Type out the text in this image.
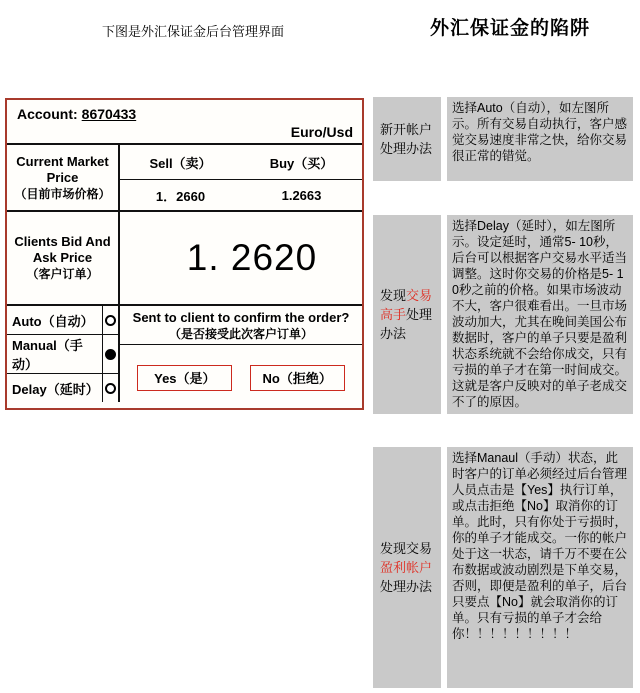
下图是外汇保证金后台管理界面	外汇保证金的陷阱
Account: 8670433
Euro/Usd
Current Market Price
（目前市场价格）
Sell（卖）	Buy（买）
1．2660	1.2663
Clients Bid And Ask Price
（客户订单）	1. 2620
Auto（自动）
Manual（手动）
Delay（延时）
Sent to client to confirm the order?
（是否接受此次客户订单）
Yes（是）	No（拒绝）
新开帐户处理办法
选择Auto（自动），如左图所示。所有交易自动执行，客户感觉交易速度非常之快，给你交易很正常的错觉。
发现交易高手处理办法
选择Delay（延时），如左图所示。设定延时，通常5- 10秒，后台可以根据客户交易水平适当调整。这时你交易的价格是5- 10秒之前的价格。如果市场波动不大，客户很难看出。一旦市场波动加大，尤其在晚间美国公布数据时，客户的单子只要是盈利状态系统就不会给你成交，只有亏损的单子才在第一时间成交。这就是客户反映对的单子老成交不了的原因。
发现交易盈利帐户处理办法
选择Manaul（手动）状态，此时客户的订单必须经过后台管理人员点击是【Yes】执行订单，或点击拒绝【No】取消你的订单。此时，只有你处于亏损时，你的单子才能成交。一你的帐户处于这一状态，请千万不要在公布数据或波动剧烈是下单交易，否则，即便是盈利的单子，后台只要点【No】就会取消你的订单。只有亏损的单子才会给你！！！！！！！！！
